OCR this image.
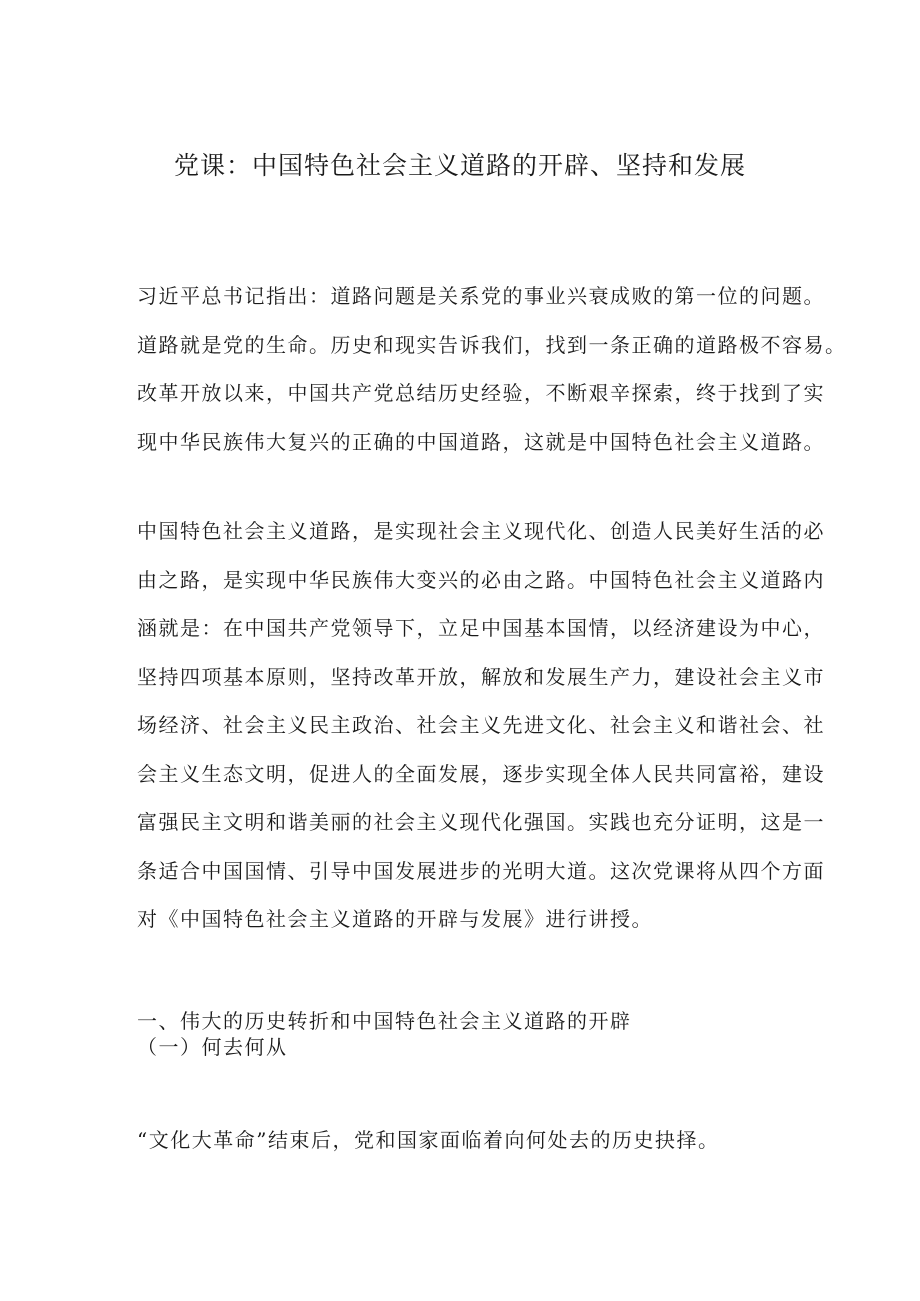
党课：中国特色社会主义道路的开辟、坚持和发展
习近平总书记指出：道路问题是关系党的事业兴衰成败的第一位的问题。
道路就是党的生命。历史和现实告诉我们，找到一条正确的道路极不容易。
改革开放以来，中国共产党总结历史经验，不断艰辛探索，终于找到了实
现中华民族伟大复兴的正确的中国道路，这就是中国特色社会主义道路。
中国特色社会主义道路，是实现社会主义现代化、创造人民美好生活的必
由之路，是实现中华民族伟大变兴的必由之路。中国特色社会主义道路内
涵就是：在中国共产党领导下，立足中国基本国情，以经济建设为中心，
坚持四项基本原则，坚持改革开放，解放和发展生产力，建设社会主义市
场经济、社会主义民主政治、社会主义先进文化、社会主义和谐社会、社
会主义生态文明，促进人的全面发展，逐步实现全体人民共同富裕，建设
富强民主文明和谐美丽的社会主义现代化强国。实践也充分证明，这是一
条适合中国国情、引导中国发展进步的光明大道。这次党课将从四个方面
对《中国特色社会主义道路的开辟与发展》进行讲授。
一、伟大的历史转折和中国特色社会主义道路的开辟
（一）何去何从
“文化大革命”结束后，党和国家面临着向何处去的历史抉择。
